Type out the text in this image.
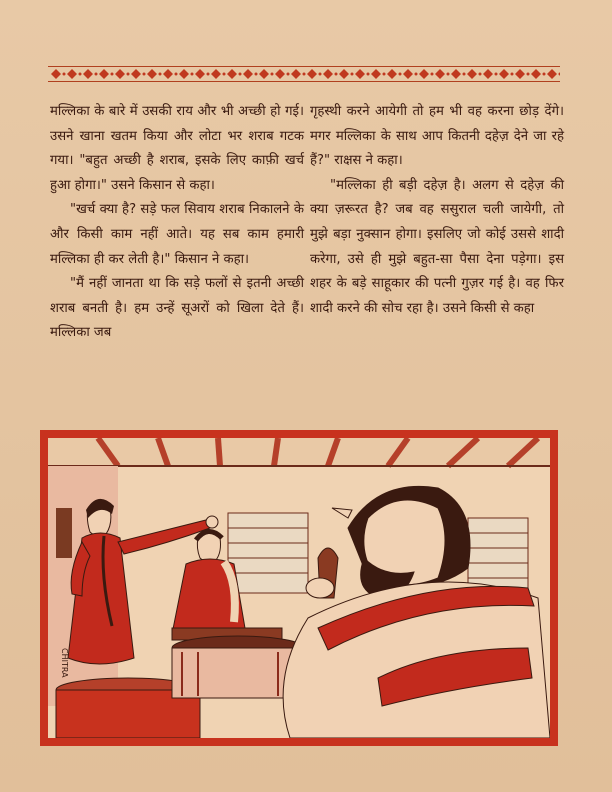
मल्लिका के बारे में उसकी राय और भी अच्छी हो गई। उसने खाना खतम किया और लोटा भर शराब गटक गया। "बहुत अच्छी है शराब, इसके लिए काफ़ी खर्च हुआ होगा।" उसने किसान से कहा।

"खर्च क्या है? सड़े फल सिवाय शराब निकालने के और किसी काम नहीं आते। यह सब काम हमारी मल्लिका ही कर लेती है।" किसान ने कहा।

"मैं नहीं जानता था कि सड़े फलों से इतनी अच्छी शराब बनती है। हम उन्हें सूअरों को खिला देते हैं। मल्लिका जब

गृहस्थी करने आयेगी तो हम भी वह करना छोड़ देंगे। मगर मल्लिका के साथ आप कितनी दहेज़ देने जा रहे हैं?" राक्षस ने कहा।

"मल्लिका ही बड़ी दहेज़ है। अलग से दहेज़ की क्या ज़रूरत है? जब वह ससुराल चली जायेगी, तो मुझे बड़ा नुक्सान होगा। इसलिए जो कोई उससे शादी करेगा, उसे ही मुझे बहुत-सा पैसा देना पड़ेगा। इस शहर के बड़े साहूकार की पत्नी गुज़र गई है। वह फिर शादी करने की सोच रहा है। उसने किसी से कहा

CHITRA
